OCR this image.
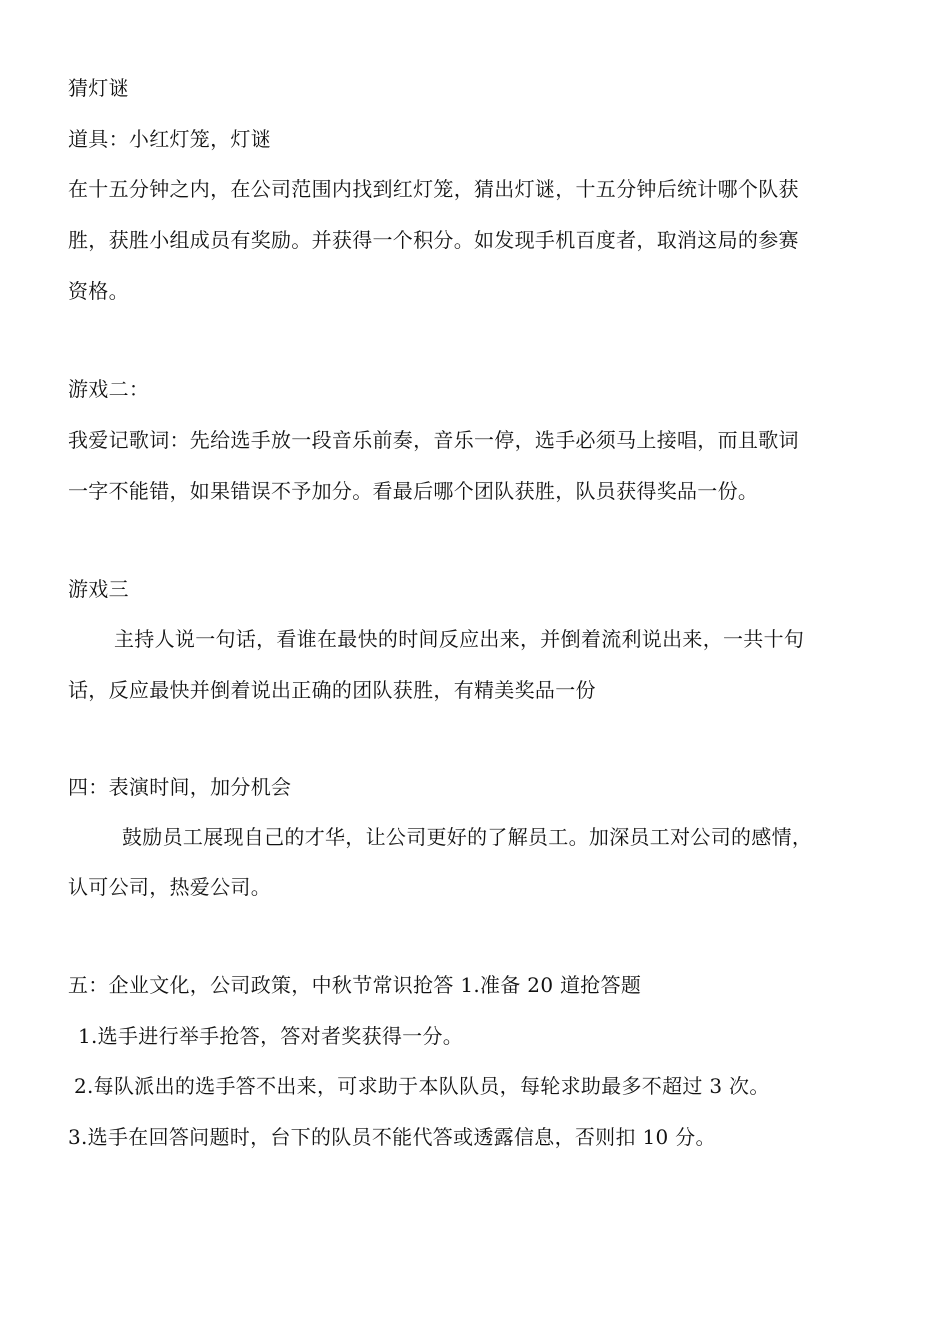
猜灯谜
道具：小红灯笼，灯谜
在十五分钟之内，在公司范围内找到红灯笼，猜出灯谜，十五分钟后统计哪个队获
胜，获胜小组成员有奖励。并获得一个积分。如发现手机百度者，取消这局的参赛
资格。
游戏二：
我爱记歌词：先给选手放一段音乐前奏，音乐一停，选手必须马上接唱，而且歌词
一字不能错，如果错误不予加分。看最后哪个团队获胜，队员获得奖品一份。
游戏三
主持人说一句话，看谁在最快的时间反应出来，并倒着流利说出来，一共十句
话，反应最快并倒着说出正确的团队获胜，有精美奖品一份
四：表演时间，加分机会
鼓励员工展现自己的才华，让公司更好的了解员工。加深员工对公司的感情，
认可公司，热爱公司。
五：企业文化，公司政策，中秋节常识抢答 1.准备 20 道抢答题
1.选手进行举手抢答，答对者奖获得一分。
2.每队派出的选手答不出来，可求助于本队队员，每轮求助最多不超过 3 次。
3.选手在回答问题时，台下的队员不能代答或透露信息，否则扣 10 分。
